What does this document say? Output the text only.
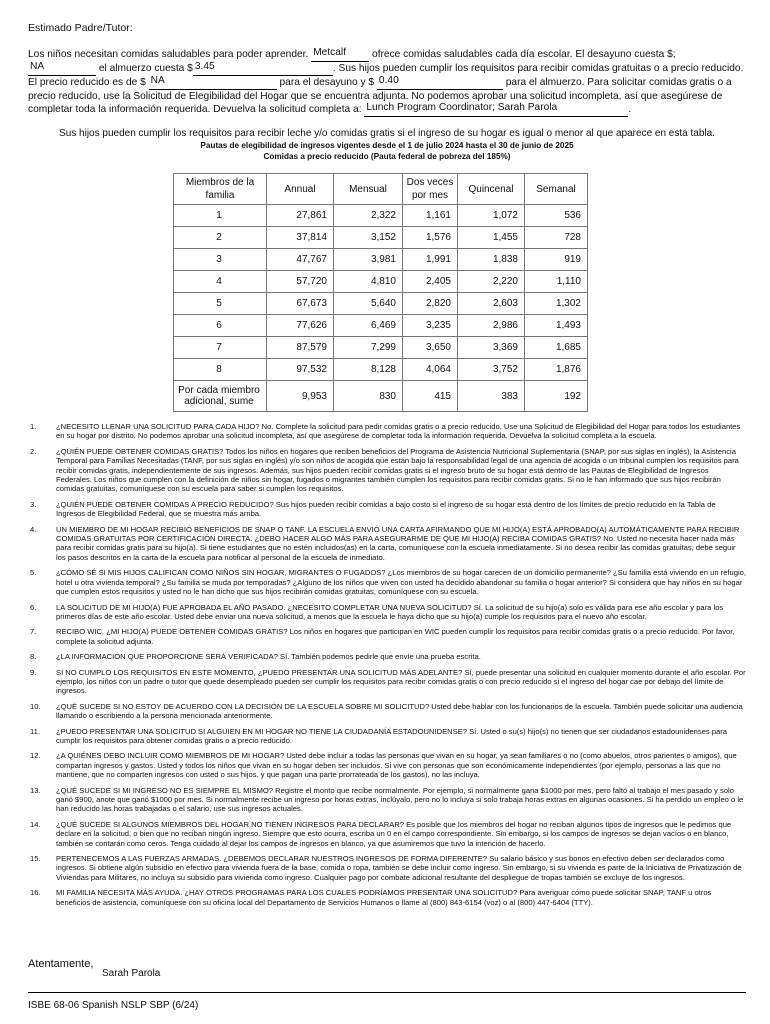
Estimado Padre/Tutor:

Los niños necesitan comidas saludables para poder aprender. Metcalf	ofrece comidas saludables cada día escolar. El desayuno cuesta $; NA	el almuerzo cuesta $ 3.45	. Sus hijos pueden cumplir los requisitos para recibir comidas gratuitas o a precio reducido. El precio reducido es de $ NA	para el desayuno y $ 0.40	para el almuerzo. Para solicitar comidas gratis o a precio reducido, use la Solicitud de Elegibilidad del Hogar que se encuentra adjunta. No podemos aprobar una solicitud incompleta, así que asegúrese de completar toda la información requerida. Devuelva la solicitud completa a: Lunch Program Coordinator; Sarah Parola	.

Sus hijos pueden cumplir los requisitos para recibir leche y/o comidas gratis si el ingreso de su hogar es igual o menor al que aparece en esta tabla.
Pautas de elegibilidad de ingresos vigentes desde el 1 de julio 2024 hasta el 30 de junio de 2025
Comidas a precio reducido (Pauta federal de pobreza del 185%)
Miembros de la familia	Annual	Mensual	Dos veces por mes	Quincenal	Semanal
1	27,861	2,322	1,161	1,072	536
2	37,814	3,152	1,576	1,455	728
3	47,767	3,981	1,991	1,838	919
4	57,720	4,810	2,405	2,220	1,110
5	67,673	5,640	2,820	2,603	1,302
6	77,626	6,469	3,235	2,986	1,493
7	87,579	7,299	3,650	3,369	1,685
8	97,532	8,128	4,064	3,752	1,876
Por cada miembro adicional, sume	9,953	830	415	383	192
1.	¿NECESITO LLENAR UNA SOLICITUD PARA CADA HIJO? No. Complete la solicitud para pedir comidas gratis o a precio reducido. Use una Solicitud de Elegibilidad del Hogar para todos los estudiantes en su hogar por distrito. No podemos aprobar una solicitud incompleta, así que asegúrese de completar toda la información requerida. Devuelva la solicitud completa a la escuela.
2.	¿QUIÉN PUEDE OBTENER COMIDAS GRATIS? Todos los niños en hogares que reciben beneficios del Programa de Asistencia Nutricional Suplementaria (SNAP, por sus siglas en inglés), la Asistencia Temporal para Familias Necesitadas (TANF, por sus siglas en inglés) y/o son niños de acogida que están bajo la responsabilidad legal de una agencia de acogida o un tribunal cumplen los requisitos para recibir comidas gratis, independientemente de sus ingresos. Además, sus hijos pueden recibir comidas gratis si el ingreso bruto de su hogar está dentro de las Pautas de Elegibilidad de Ingresos Federales. Los niños que cumplen con la definición de niños sin hogar, fugados o migrantes también cumplen los requisitos para recibir comidas gratis. Si no le han informado que sus hijos recibirán comidas gratuitas, comuníquese con su escuela para saber si cumplen los requisitos.
3.	¿QUIÉN PUEDE OBTENER COMIDAS A PRECIO REDUCIDO? Sus hijos pueden recibir comidas a bajo costo si el ingreso de su hogar está dentro de los límites de precio reducido en la Tabla de Ingresos de Elegibilidad Federal, que se muestra más arriba.
4.	UN MIEMBRO DE MI HOGAR RECIBIÓ BENEFICIOS DE SNAP O TANF. LA ESCUELA ENVIÓ UNA CARTA AFIRMANDO QUE MI HIJO(A) ESTÁ APROBADO(A) AUTOMÁTICAMENTE PARA RECIBIR COMIDAS GRATUITAS POR CERTIFICACIÓN DIRECTA. ¿DEBO HACER ALGO MÁS PARA ASEGURARME DE QUE MI HIJO(A) RECIBA COMIDAS GRATIS? No. Usted no necesita hacer nada más para recibir comidas gratis para su hijo(a). Si tiene estudiantes que no estén incluidos(as) en la carta, comuníquese con la escuela inmediatamente. Si no desea recibir las comidas gratuitas, debe seguir los pasos descritos en la carta de la escuela para notificar al personal de la escuela de inmediato.
5.	¿CÓMO SÉ SI MIS HIJOS CALIFICAN COMO NIÑOS SIN HOGAR, MIGRANTES O FUGADOS? ¿Los miembros de su hogar carecen de un domicilio permanente? ¿Su familia está viviendo en un refugio, hotel u otra vivienda temporal? ¿Su familia se muda por temporadas? ¿Alguno de los niños que viven con usted ha decidido abandonar su familia o hogar anterior? Si considera que hay niños en su hogar que cumplen estos requisitos y usted no le han dicho que sus hijos recibirán comidas gratuitas, comuníquese con su escuela.
6.	LA SOLICITUD DE MI HIJO(A) FUE APROBADA EL AÑO PASADO. ¿NECESITO COMPLETAR UNA NUEVA SOLICITUD? Sí. La solicitud de su hijo(a) solo es válida para ese año escolar y para los primeros días de este año escolar. Usted debe enviar una nueva solicitud, a menos que la escuela le haya dicho que su hijo(a) cumple los requisitos para el nuevo año escolar.
7.	RECIBO WIC. ¿MI HIJO(A) PUEDE OBTENER COMIDAS GRATIS? Los niños en hogares que participan en WIC pueden cumplir los requisitos para recibir comidas gratis o a precio reducido. Por favor, complete la solicitud adjunta.
8.	¿LA INFORMACIÓN QUE PROPORCIONE SERÁ VERIFICADA? Sí. También podemos pedirle que envíe una prueba escrita.
9.	SI NO CUMPLO LOS REQUISITOS EN ESTE MOMENTO, ¿PUEDO PRESENTAR UNA SOLICITUD MÁS ADELANTE? Sí, puede presentar una solicitud en cualquier momento durante el año escolar. Por ejemplo, los niños con un padre o tutor que quede desempleado pueden ser cumplir los requisitos para recibir comidas gratis o con precio reducido si el ingreso del hogar cae por debajo del límite de ingresos.
10.	¿QUÉ SUCEDE SI NO ESTOY DE ACUERDO CON LA DECISIÓN DE LA ESCUELA SOBRE MI SOLICITUD? Usted debe hablar con los funcionarios de la escuela. También puede solicitar una audiencia llamando o escribiendo a la persona mencionada anteriormente.
11.	¿PUEDO PRESENTAR UNA SOLICITUD SI ALGUIEN EN MI HOGAR NO TIENE LA CIUDADANÍA ESTADOUNIDENSE? Sí. Usted o su(s) hijo(s) no tienen que ser ciudadanos estadounidenses para cumplir los requisitos para obtener comidas gratis o a precio reducido.
12.	¿A QUIÉNES DEBO INCLUIR COMO MIEMBROS DE MI HOGAR? Usted debe incluir a todas las personas que vivan en su hogar, ya sean familiares o no (como abuelos, otros parientes o amigos), que compartan ingresos y gastos. Usted y todos los niños que vivan en su hogar deben ser incluidos. Si vive con personas que son económicamente independientes (por ejemplo, personas a las que no mantiene, que no comparten ingresos con usted o sus hijos, y que pagan una parte prorrateada de los gastos), no las incluya.
13.	¿QUÉ SUCEDE SI MI INGRESO NO ES SIEMPRE EL MISMO? Registre el monto que recibe normalmente. Por ejemplo, si normalmente gana $1000 por mes, pero faltó al trabajo el mes pasado y solo ganó $900, anote que ganó $1000 por mes. Si normalmente recibe un ingreso por horas extras, inclúyalo, pero no lo incluya si solo trabaja horas extras en algunas ocasiones. Si ha perdido un empleo o le han reducido las horas trabajadas o el salario, use sus ingresos actuales.
14.	¿QUÉ SUCEDE SI ALGUNOS MIEMBROS DEL HOGAR NO TIENEN INGRESOS PARA DECLARAR? Es posible que los miembros del hogar no reciban algunos tipos de ingresos que le pedimos que declare en la solicitud, o bien que no reciban ningún ingreso. Siempre que esto ocurra, escriba un 0 en el campo correspondiente. Sin embargo, si los campos de ingresos se dejan vacíos o en blanco, también se contarán como ceros. Tenga cuidado al dejar los campos de ingresos en blanco, ya que asumiremos que tuvo la intención de hacerlo.
15.	PERTENECEMOS A LAS FUERZAS ARMADAS. ¿DEBEMOS DECLARAR NUESTROS INGRESOS DE FORMA DIFERENTE? Su salario básico y sus bonos en efectivo deben ser declarados como ingresos. Si obtiene algún subsidio en efectivo para vivienda fuera de la base, comida o ropa, también se debe incluir como ingreso. Sin embargo, si su vivienda es parte de la Iniciativa de Privatización de Viviendas para Militares, no incluya su subsidio para vivienda como ingreso. Cualquier pago por combate adicional resultante del despliegue de tropas también se excluye de los ingresos.
16.	MI FAMILIA NECESITA MÁS AYUDA. ¿HAY OTROS PROGRAMAS PARA LOS CUALES PODRÍAMOS PRESENTAR UNA SOLICITUD? Para averiguar cómo puede solicitar SNAP, TANF u otros beneficios de asistencia, comuníquese con su oficina local del Departamento de Servicios Humanos o llame al (800) 843-6154 (voz) o al (800) 447-6404 (TTY).
Atentamente,
Sarah Parola
ISBE 68-06 Spanish NSLP SBP (6/24)
